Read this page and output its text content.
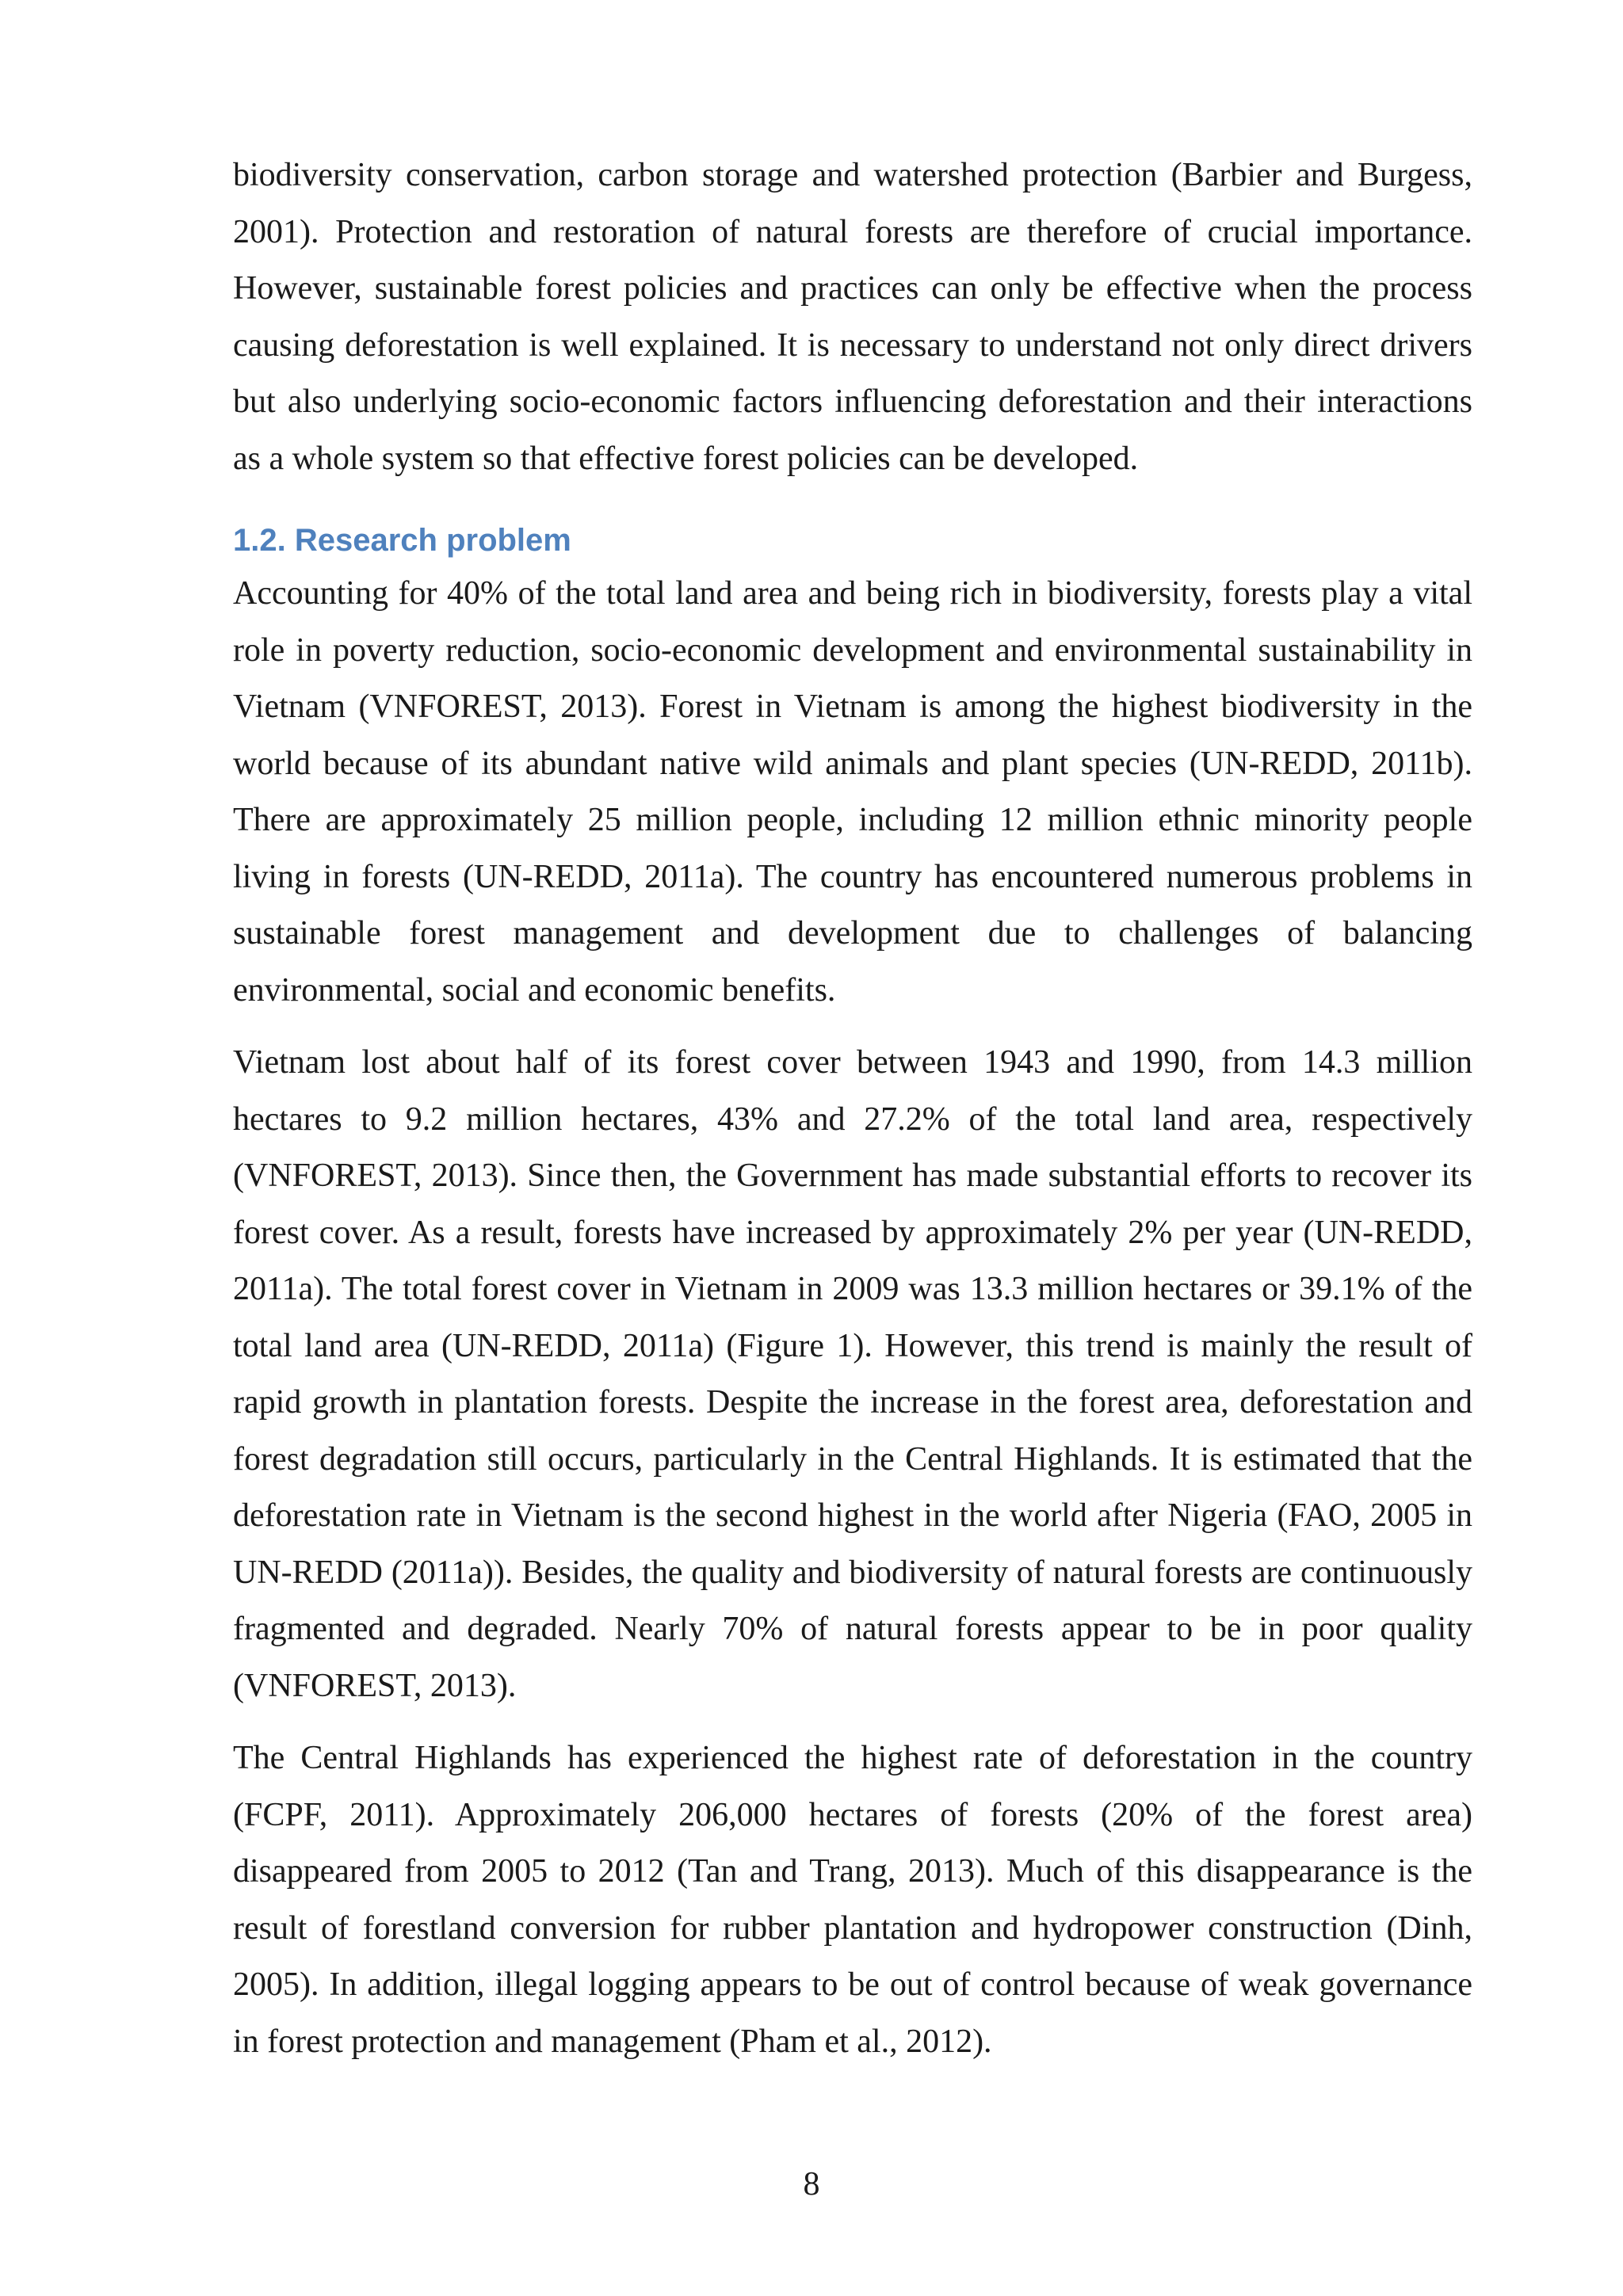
biodiversity conservation, carbon storage and watershed protection (Barbier and Burgess, 2001). Protection and restoration of natural forests are therefore of crucial importance. However, sustainable forest policies and practices can only be effective when the process causing deforestation is well explained. It is necessary to understand not only direct drivers but also underlying socio-economic factors influencing deforestation and their interactions as a whole system so that effective forest policies can be developed.

1.2. Research problem

Accounting for 40% of the total land area and being rich in biodiversity, forests play a vital role in poverty reduction, socio-economic development and environmental sustainability in Vietnam (VNFOREST, 2013). Forest in Vietnam is among the highest biodiversity in the world because of its abundant native wild animals and plant species (UN-REDD, 2011b). There are approximately 25 million people, including 12 million ethnic minority people living in forests (UN-REDD, 2011a). The country has encountered numerous problems in sustainable forest management and development due to challenges of balancing environmental, social and economic benefits.

Vietnam lost about half of its forest cover between 1943 and 1990, from 14.3 million hectares to 9.2 million hectares, 43% and 27.2% of the total land area, respectively (VNFOREST, 2013). Since then, the Government has made substantial efforts to recover its forest cover. As a result, forests have increased by approximately 2% per year (UN-REDD, 2011a). The total forest cover in Vietnam in 2009 was 13.3 million hectares or 39.1% of the total land area (UN-REDD, 2011a) (Figure 1). However, this trend is mainly the result of rapid growth in plantation forests. Despite the increase in the forest area, deforestation and forest degradation still occurs, particularly in the Central Highlands. It is estimated that the deforestation rate in Vietnam is the second highest in the world after Nigeria (FAO, 2005 in UN-REDD (2011a)). Besides, the quality and biodiversity of natural forests are continuously fragmented and degraded. Nearly 70% of natural forests appear to be in poor quality (VNFOREST, 2013).

The Central Highlands has experienced the highest rate of deforestation in the country (FCPF, 2011). Approximately 206,000 hectares of forests (20% of the forest area) disappeared from 2005 to 2012 (Tan and Trang, 2013). Much of this disappearance is the result of forestland conversion for rubber plantation and hydropower construction (Dinh, 2005). In addition, illegal logging appears to be out of control because of weak governance in forest protection and management (Pham et al., 2012).

8
